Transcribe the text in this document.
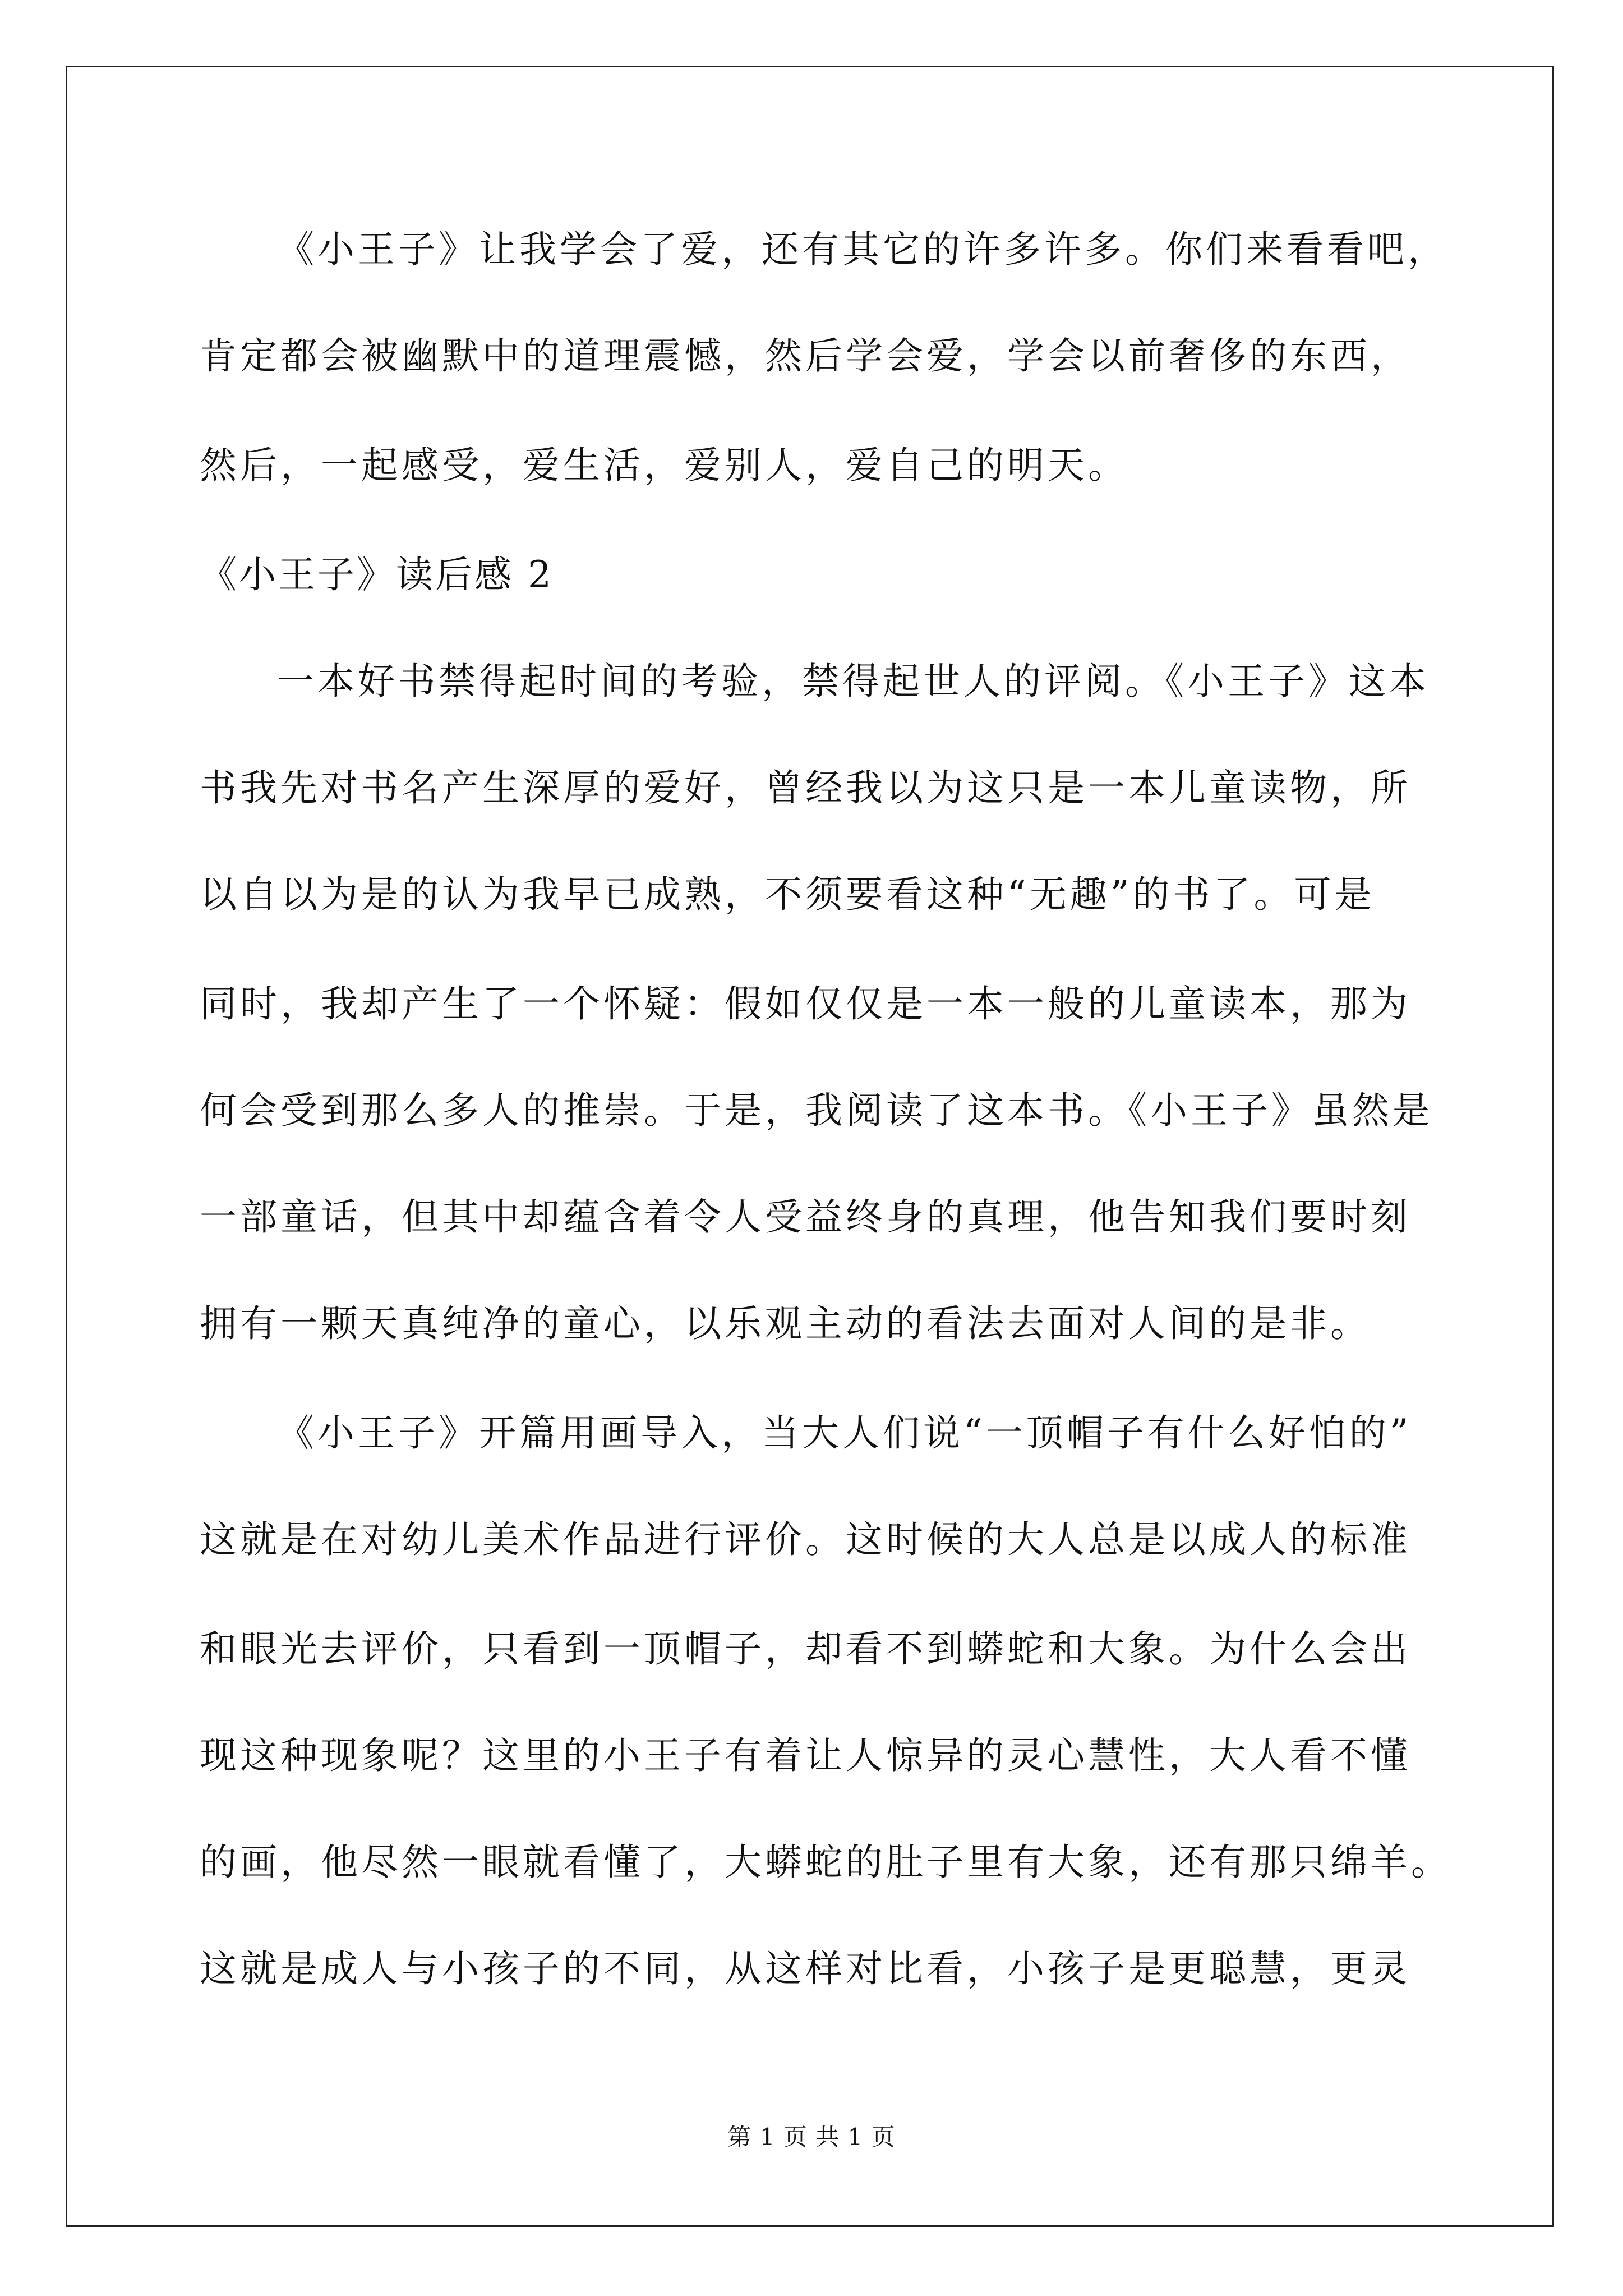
《小王子》让我学会了爱，还有其它的许多许多。你们来看看吧，
肯定都会被幽默中的道理震憾，然后学会爱，学会以前奢侈的东西，
然后，一起感受，爱生活，爱别人，爱自己的明天。
《小王子》读后感 2
一本好书禁得起时间的考验，禁得起世人的评阅。《小王子》这本
书我先对书名产生深厚的爱好，曾经我以为这只是一本儿童读物，所
以自以为是的认为我早已成熟，不须要看这种“无趣”的书了。可是
同时，我却产生了一个怀疑：假如仅仅是一本一般的儿童读本，那为
何会受到那么多人的推崇。于是，我阅读了这本书。《小王子》虽然是
一部童话，但其中却蕴含着令人受益终身的真理，他告知我们要时刻
拥有一颗天真纯净的童心，以乐观主动的看法去面对人间的是非。
《小王子》开篇用画导入，当大人们说“一顶帽子有什么好怕的”
这就是在对幼儿美术作品进行评价。这时候的大人总是以成人的标准
和眼光去评价，只看到一顶帽子，却看不到蟒蛇和大象。为什么会出
现这种现象呢？这里的小王子有着让人惊异的灵心慧性，大人看不懂
的画，他尽然一眼就看懂了，大蟒蛇的肚子里有大象，还有那只绵羊。
这就是成人与小孩子的不同，从这样对比看，小孩子是更聪慧，更灵
第 1 页 共 1 页
